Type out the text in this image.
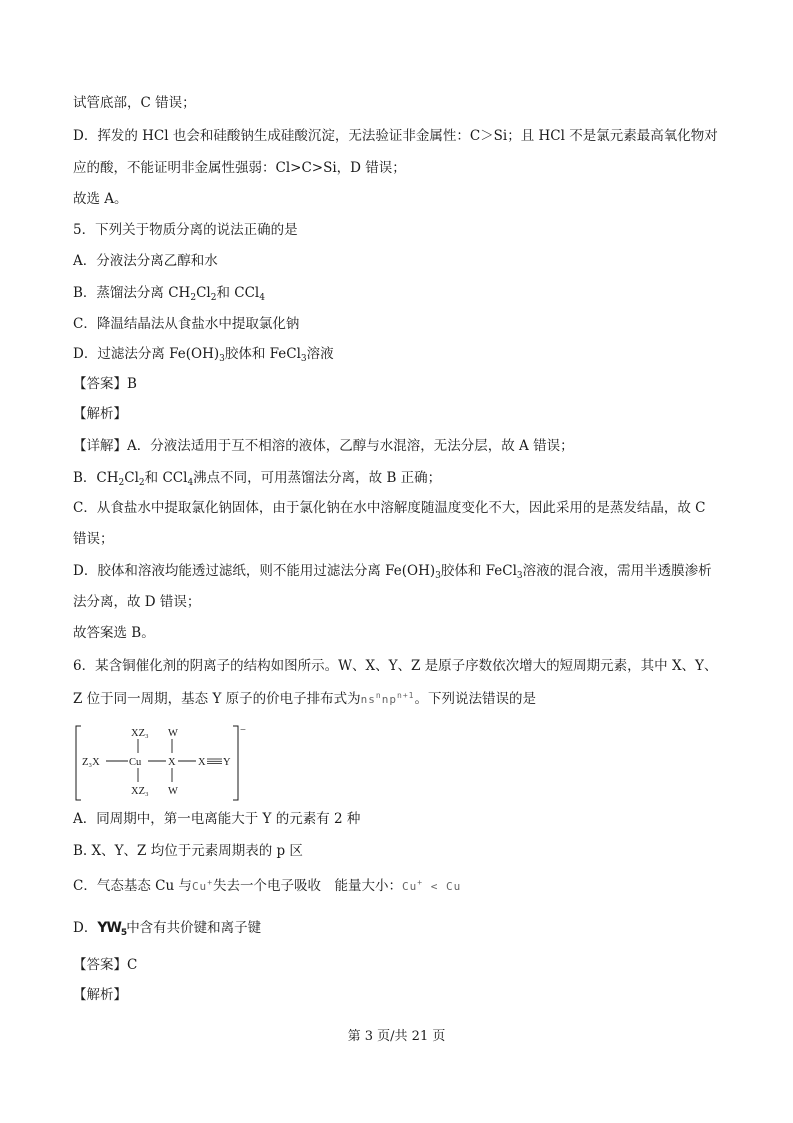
试管底部，C 错误；
D．挥发的 HCl 也会和硅酸钠生成硅酸沉淀，无法验证非金属性：C＞Si；且 HCl 不是氯元素最高氧化物对
应的酸，不能证明非金属性强弱：Cl>C>Si，D 错误；
故选 A。
5．下列关于物质分离的说法正确的是
A．分液法分离乙醇和水
B．蒸馏法分离 $CH_2Cl_2$和 CCl$_4$
C．降温结晶法从食盐水中提取氯化钠
D．过滤法分离 $Fe(OH)_3$胶体和 FeCl$_3$溶液
【答案】B
【解析】
【详解】A．分液法适用于互不相溶的液体，乙醇与水混溶，无法分层，故 A 错误；
B．$CH_2Cl_2$和 CCl$_4$沸点不同，可用蒸馏法分离，故 B 正确；
C．从食盐水中提取氯化钠固体，由于氯化钠在水中溶解度随温度变化不大，因此采用的是蒸发结晶，故 C
错误；
D．胶体和溶液均能透过滤纸，则不能用过滤法分离 $Fe(OH)_3$胶体和 FeCl$_3$溶液的混合液，需用半透膜渗析
法分离，故 D 错误；
故答案选 B。
6．某含铜催化剂的阴离子的结构如图所示。W、X、Y、Z 是原子序数依次增大的短周期元素，其中 X、Y、
Z 位于同一周期，基态 Y 原子的价电子排布式为$ns^nnp^{n+1}$。下列说法错误的是
−
XZ₃ W
Z₃X	Cu	X X Y
XZ₃ W
A．同周期中，第一电离能大于 Y 的元素有 2 种
B. X、Y、Z 均位于元素周期表的 p 区
C．气态基态 Cu 与Cu+失去一个电子吸收　能量大小：Cu+ < Cu
D．$YW_5$中含有共价键和离子键
【答案】C
【解析】
第 3 页/共 21 页
